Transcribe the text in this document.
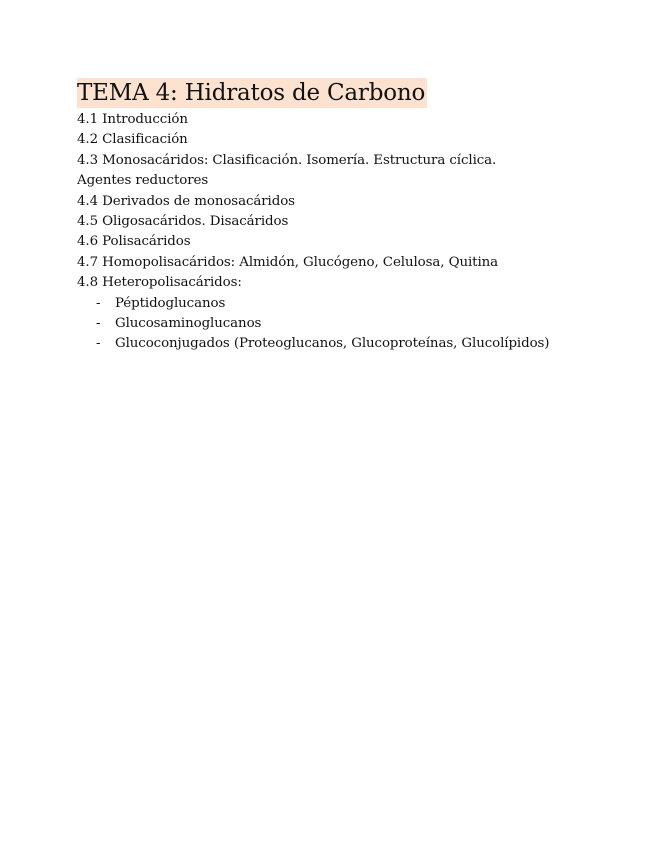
TEMA 4: Hidratos de Carbono
4.1 Introducción
4.2 Clasificación
4.3 Monosacáridos: Clasificación. Isomería. Estructura cíclica. Agentes reductores
4.4 Derivados de monosacáridos
4.5 Oligosacáridos. Disacáridos
4.6 Polisacáridos
4.7 Homopolisacáridos: Almidón, Glucógeno, Celulosa, Quitina
4.8 Heteropolisacáridos:
- Péptidoglucanos
- Glucosaminoglucanos
- Glucoconjugados (Proteoglucanos, Glucoproteínas, Glucolípidos)
